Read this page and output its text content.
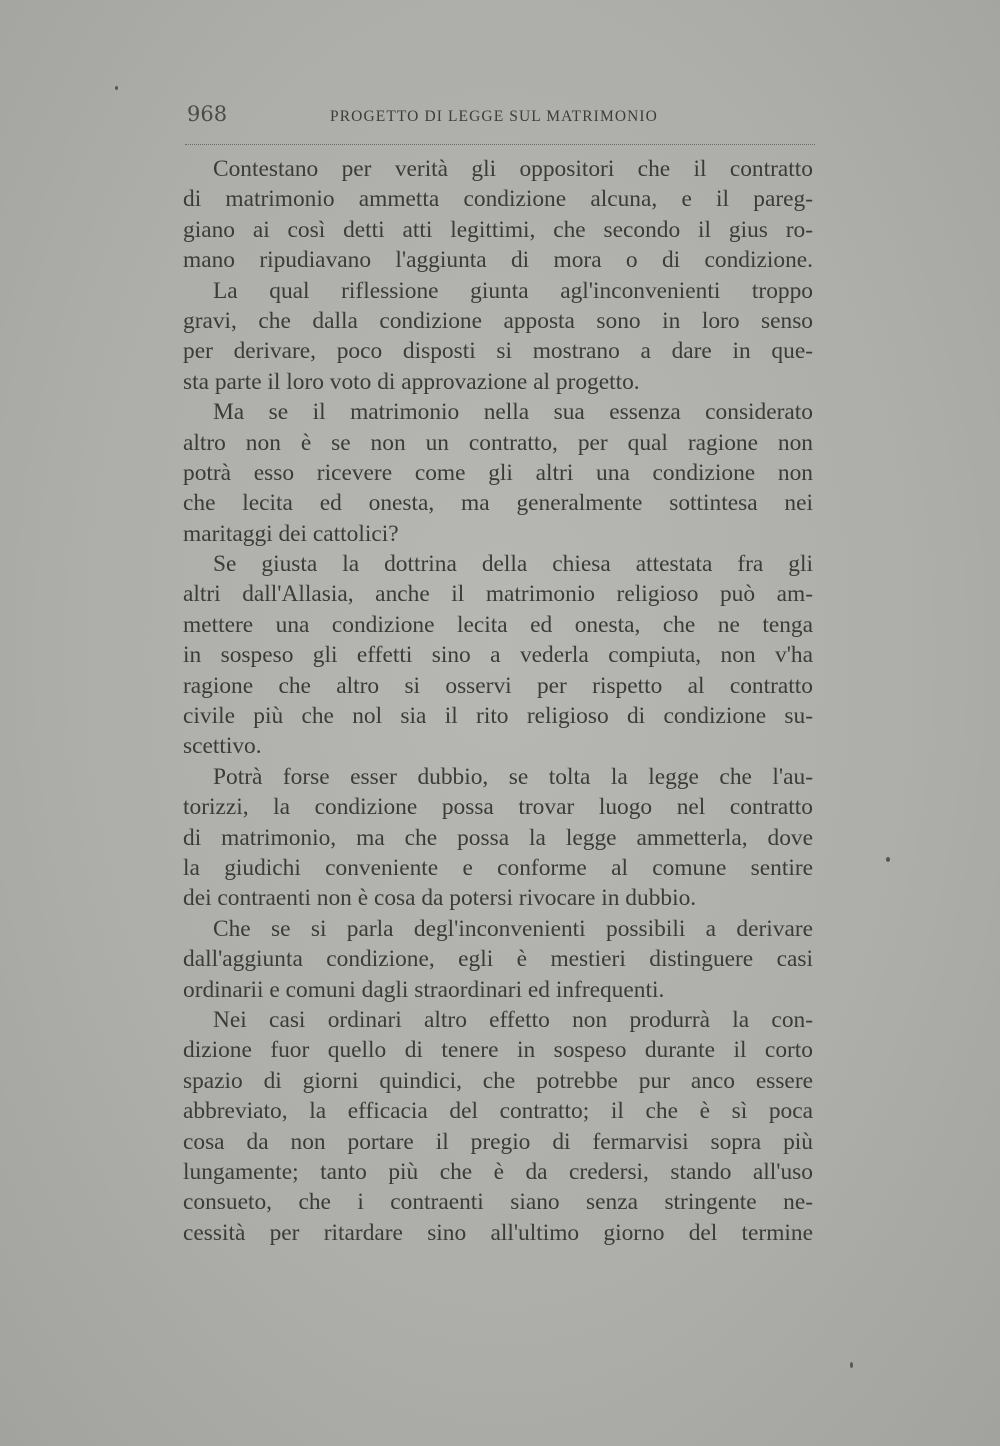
968	PROGETTO DI LEGGE SUL MATRIMONIO
Contestano per verità gli oppositori che il contratto
di matrimonio ammetta condizione alcuna, e il pareg-
giano ai così detti atti legittimi, che secondo il gius ro-
mano ripudiavano l'aggiunta di mora o di condizione.
La qual riflessione giunta agl'inconvenienti troppo
gravi, che dalla condizione apposta sono in loro senso
per derivare, poco disposti si mostrano a dare in que-
sta parte il loro voto di approvazione al progetto.
Ma se il matrimonio nella sua essenza considerato
altro non è se non un contratto, per qual ragione non
potrà esso ricevere come gli altri una condizione non
che lecita ed onesta, ma generalmente sottintesa nei
maritaggi dei cattolici?
Se giusta la dottrina della chiesa attestata fra gli
altri dall'Allasia, anche il matrimonio religioso può am-
mettere una condizione lecita ed onesta, che ne tenga
in sospeso gli effetti sino a vederla compiuta, non v'ha
ragione che altro si osservi per rispetto al contratto
civile più che nol sia il rito religioso di condizione su-
scettivo.
Potrà forse esser dubbio, se tolta la legge che l'au-
torizzi, la condizione possa trovar luogo nel contratto
di matrimonio, ma che possa la legge ammetterla, dove
la giudichi conveniente e conforme al comune sentire
dei contraenti non è cosa da potersi rivocare in dubbio.
Che se si parla degl'inconvenienti possibili a derivare
dall'aggiunta condizione, egli è mestieri distinguere casi
ordinarii e comuni dagli straordinari ed infrequenti.
Nei casi ordinari altro effetto non produrrà la con-
dizione fuor quello di tenere in sospeso durante il corto
spazio di giorni quindici, che potrebbe pur anco essere
abbreviato, la efficacia del contratto; il che è sì poca
cosa da non portare il pregio di fermarvisi sopra più
lungamente; tanto più che è da credersi, stando all'uso
consueto, che i contraenti siano senza stringente ne-
cessità per ritardare sino all'ultimo giorno del termine
